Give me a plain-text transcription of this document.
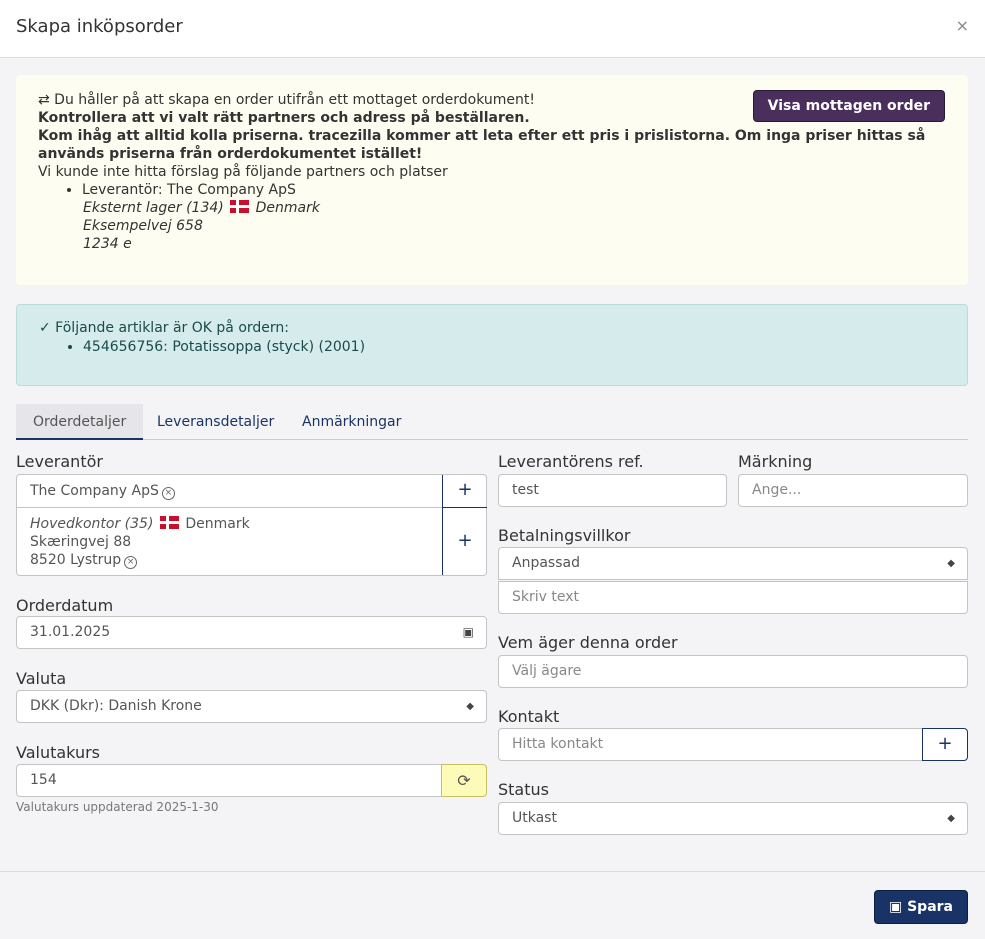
Skapa inköpsorder	×
Visa mottagen order
⇄ Du håller på att skapa en order utifrån ett mottaget orderdokument!
Kontrollera att vi valt rätt partners och adress på beställaren.
Kom ihåg att alltid kolla priserna. tracezilla kommer att leta efter ett pris i prislistorna. Om inga priser hittas så används priserna från orderdokumentet istället!
Vi kunde inte hitta förslag på följande partners och platser
• Leverantör: The Company ApS
Eksternt lager (134) Denmark
Eksempelvej 658
1234 e
✓ Följande artiklar är OK på ordern:
• 454656756: Potatissoppa (styck) (2001)
Orderdetaljer	Leveransdetaljer Anmärkningar
Leverantör
The Company ApS ×
Hovedkontor (35) Denmark
Skæringvej 88
8520 Lystrup ×
+
+
Orderdatum
31.01.2025	▣
Valuta
DKK (Dkr): Danish Krone	◆
Valutakurs
154	⟳
Valutakurs uppdaterad 2025-1-30
Leverantörens ref.
test
Märkning
Ange...
Betalningsvillkor
Anpassad	◆
Skriv text
Vem äger denna order
Välj ägare
Kontakt
Hitta kontakt	+
Status
Utkast	◆
▣ Spara
